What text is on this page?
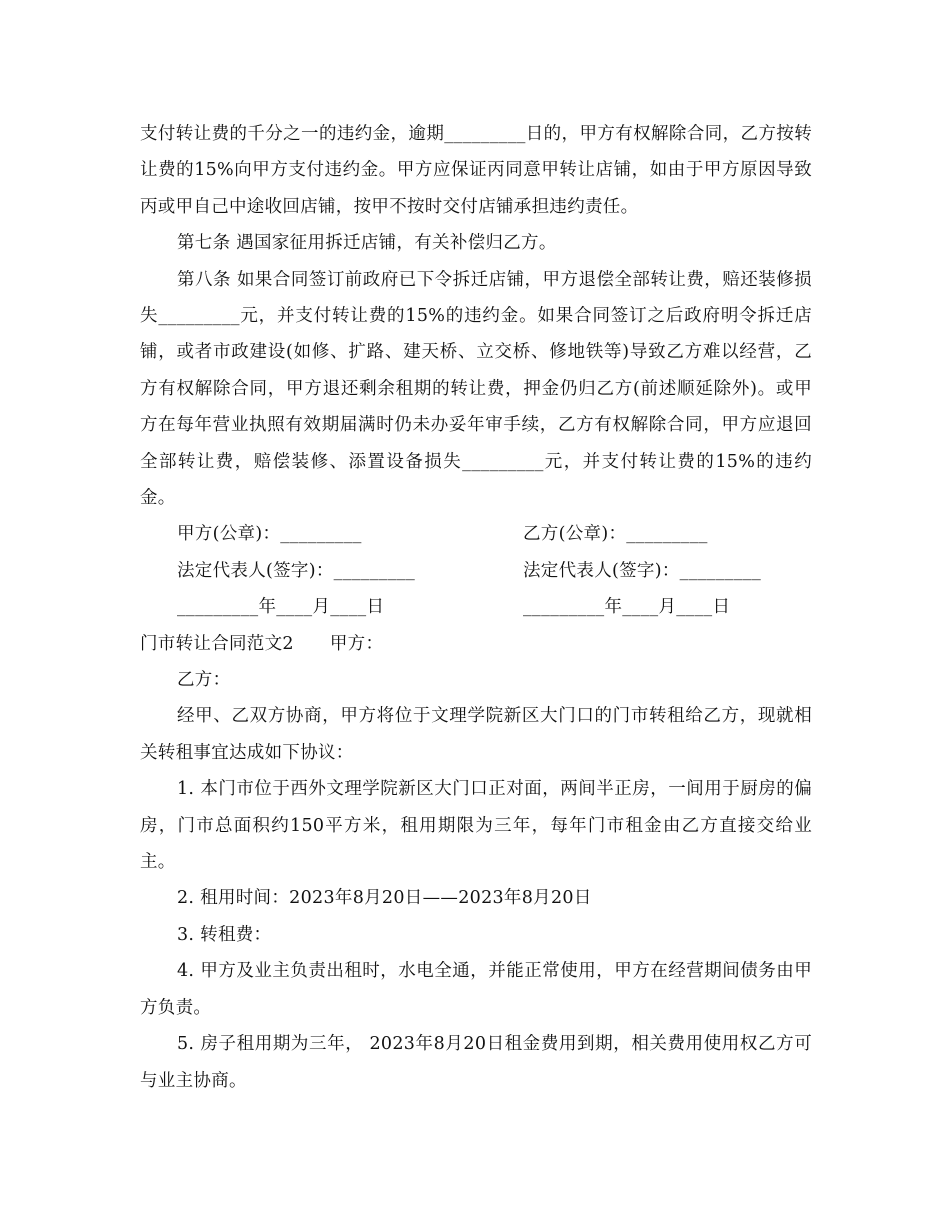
支付转让费的千分之一的违约金，逾期_________日的，甲方有权解除合同，乙方按转让费的15%向甲方支付违约金。甲方应保证丙同意甲转让店铺，如由于甲方原因导致丙或甲自己中途收回店铺，按甲不按时交付店铺承担违约责任。

第七条 遇国家征用拆迁店铺，有关补偿归乙方。

第八条 如果合同签订前政府已下令拆迁店铺，甲方退偿全部转让费，赔还装修损失_________元，并支付转让费的15%的违约金。如果合同签订之后政府明令拆迁店铺，或者市政建设(如修、扩路、建天桥、立交桥、修地铁等)导致乙方难以经营，乙方有权解除合同，甲方退还剩余租期的转让费，押金仍归乙方(前述顺延除外)。或甲方在每年营业执照有效期届满时仍未办妥年审手续，乙方有权解除合同，甲方应退回全部转让费，赔偿装修、添置设备损失_________元，并支付转让费的15%的违约金。

甲方(公章)：_________	乙方(公章)：_________
法定代表人(签字)：_________	法定代表人(签字)：_________
_________年____月____日	_________年____月____日
门市转让合同范文2 甲方：

乙方：

经甲、乙双方协商，甲方将位于文理学院新区大门口的门市转租给乙方，现就相关转租事宜达成如下协议：

1. 本门市位于西外文理学院新区大门口正对面，两间半正房，一间用于厨房的偏房，门市总面积约150平方米，租用期限为三年，每年门市租金由乙方直接交给业主。

2. 租用时间：2023年8月20日——2023年8月20日

3. 转租费：

4. 甲方及业主负责出租时，水电全通，并能正常使用，甲方在经营期间债务由甲方负责。

5. 房子租用期为三年， 2023年8月20日租金费用到期，相关费用使用权乙方可与业主协商。
